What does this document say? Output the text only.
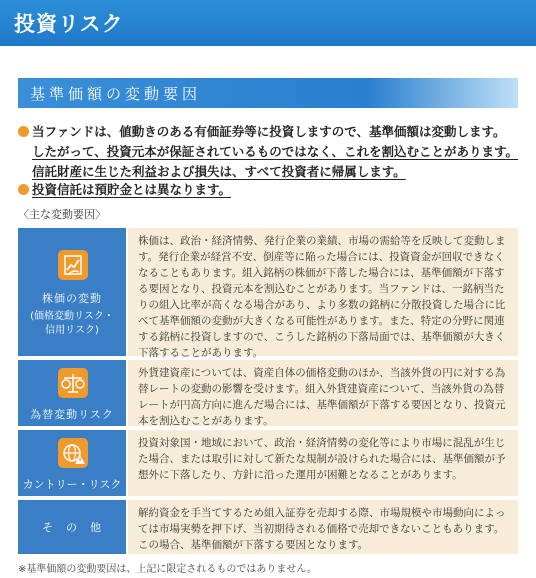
投資リスク
基準価額の変動要因
当ファンドは、値動きのある有価証券等に投資しますので、基準価額は変動します。
したがって、投資元本が保証されているものではなく、これを割込むことがあります。
信託財産に生じた利益および損失は、すべて投資者に帰属します。
投資信託は預貯金とは異なります。
〈主な変動要因〉
株価の変動
(価格変動リスク・
信用リスク)
株価は、政治・経済情勢、発行企業の業績、市場の需給等を反映して変動します。発行企業が経営不安、倒産等に陥った場合には、投資資金が回収できなくなることもあります。組入銘柄の株価が下落した場合には、基準価額が下落する要因となり、投資元本を割込むことがあります。当ファンドは、一銘柄当たりの組入比率が高くなる場合があり、より多数の銘柄に分散投資した場合に比べて基準価額の変動が大きくなる可能性があります。また、特定の分野に関連する銘柄に投資しますので、こうした銘柄の下落局面では、基準価額が大きく下落することがあります。
為替変動リスク
外貨建資産については、資産自体の価格変動のほか、当該外貨の円に対する為替レートの変動の影響を受けます。組入外貨建資産について、当該外貨の為替レートが円高方向に進んだ場合には、基準価額が下落する要因となり、投資元本を割込むことがあります。
カントリー・リスク
投資対象国・地域において、政治・経済情勢の変化等により市場に混乱が生じた場合、または取引に対して新たな規制が設けられた場合には、基準価額が予想外に下落したり、方針に沿った運用が困難となることがあります。
そ　の　他
解約資金を手当てするため組入証券を売却する際、市場規模や市場動向によっては市場実勢を押下げ、当初期待される価格で売却できないこともあります。この場合、基準価額が下落する要因となります。
※基準価額の変動要因は、上記に限定されるものではありません。
